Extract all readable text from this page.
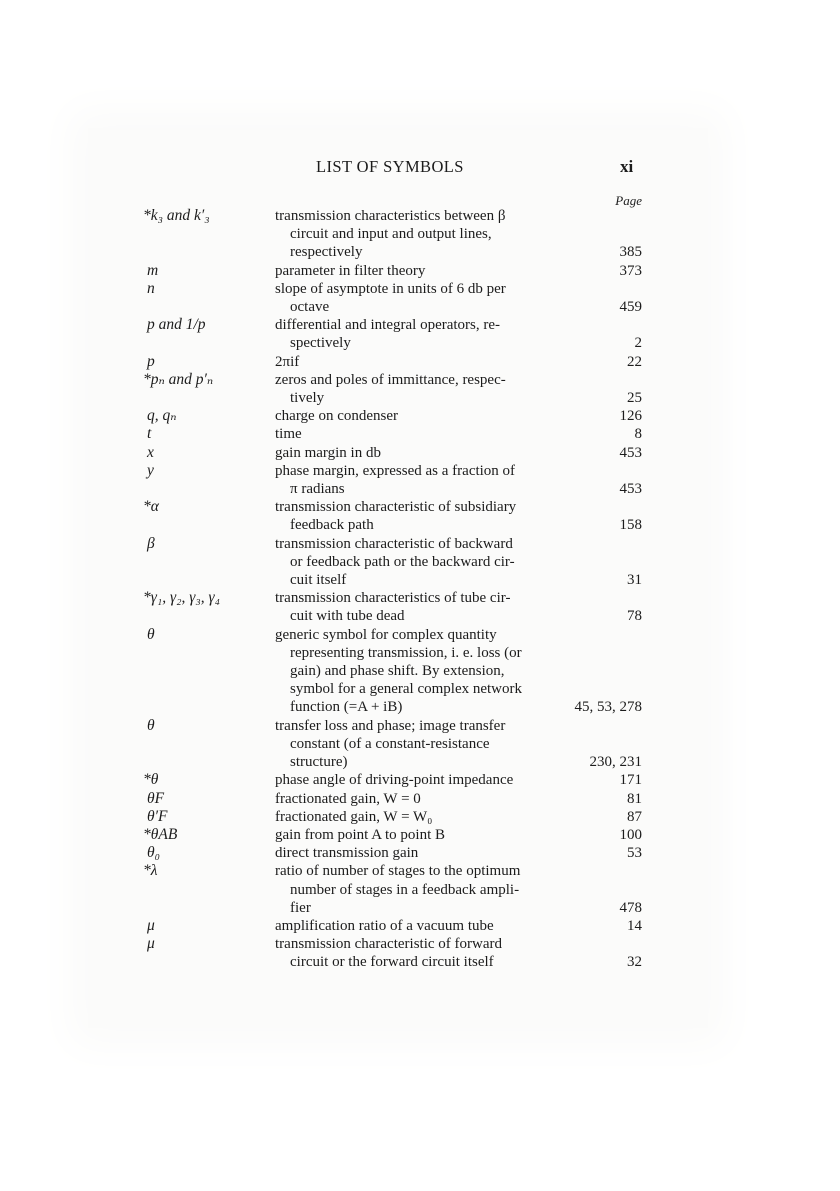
LIST OF SYMBOLS	xi
Page
*k₃ and k′₃	transmission characteristics between β
circuit and input and output lines,
respectively	385
m	parameter in filter theory	373
n	slope of asymptote in units of 6 db per
octave	459
p and 1/p	differential and integral operators, re-
spectively	2
p	2πif	22
*pₙ and p′ₙ	zeros and poles of immittance, respec-
tively	25
q, qₙ	charge on condenser	126
t	time	8
x	gain margin in db	453
y	phase margin, expressed as a fraction of
π radians	453
*α	transmission characteristic of subsidiary
feedback path	158
β	transmission characteristic of backward
or feedback path or the backward cir-
cuit itself	31
*γ₁, γ₂, γ₃, γ₄	transmission characteristics of tube cir-
cuit with tube dead	78
θ	generic symbol for complex quantity
representing transmission, i. e. loss (or
gain) and phase shift. By extension,
symbol for a general complex network
function (=A + iB)	45, 53, 278
θ	transfer loss and phase; image transfer
constant (of a constant-resistance
structure)	230, 231
*θ	phase angle of driving-point impedance	171
θF	fractionated gain, W = 0	81
θ′F	fractionated gain, W = W₀	87
*θAB	gain from point A to point B	100
θ₀	direct transmission gain	53
*λ	ratio of number of stages to the optimum
number of stages in a feedback ampli-
fier	478
μ	amplification ratio of a vacuum tube	14
μ	transmission characteristic of forward
circuit or the forward circuit itself	32
